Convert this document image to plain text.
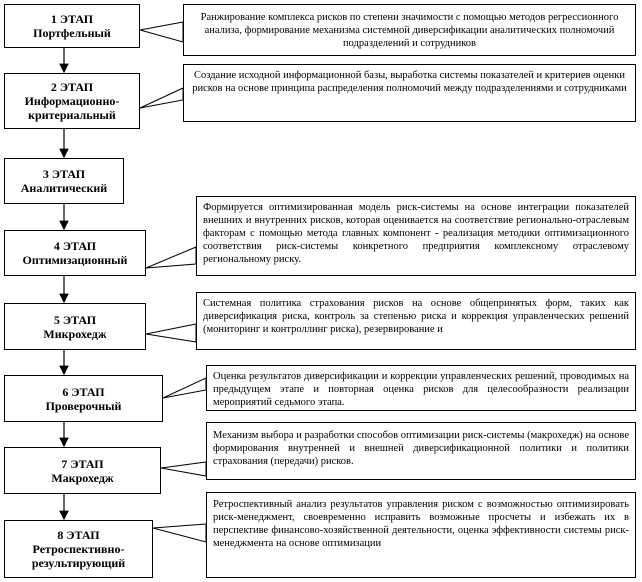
1 ЭТАП
Портфельный
2 ЭТАП
Информационно-критериальный
3 ЭТАП
Аналитический
4 ЭТАП
Оптимизационный
5 ЭТАП
Микрохедж
6 ЭТАП
Проверочный
7 ЭТАП
Макрохедж
8 ЭТАП
Ретроспективно-результирующий
Ранжирование комплекса рисков по степени значимости с помощью методов регрессионного анализа, формирование механизма системной диверсификации аналитических полномочий подразделений и сотрудников
Создание исходной информационной базы, выработка системы показателей и критериев оценки рисков на основе принципа распределения полномочий между подразделениями и сотрудниками
Формируется оптимизированная модель риск-системы на основе интеграции показателей внешних и внутренних рисков, которая оценивается на соответствие регионально-отраслевым факторам с помощью метода главных компонент - реализация методики оптимизационного соответствия риск-системы конкретного предприятия комплексному отраслевому региональному риску.
Системная политика страхования рисков на основе общепринятых форм, таких как диверсификация риска, контроль за степенью риска и коррекция управленческих решений (мониторинг и контроллинг риска), резервирование и
Оценка результатов диверсификации и коррекции управленческих решений, проводимых на предыдущем этапе и повторная оценка рисков для целесообразности реализации мероприятий седьмого этапа.
Механизм выбора и разработки способов оптимизации риск-системы (макрохедж) на основе формирования внутренней и внешней диверсификационной политики и политики страхования (передачи) рисков.
Ретроспективный анализ результатов управления риском с возможностью оптимизировать риск-менеджмент, своевременно исправить возможные просчеты и избежать их в перспективе финансово-хозяйственной деятельности, оценка эффективности системы риск-менеджмента на основе оптимизации
